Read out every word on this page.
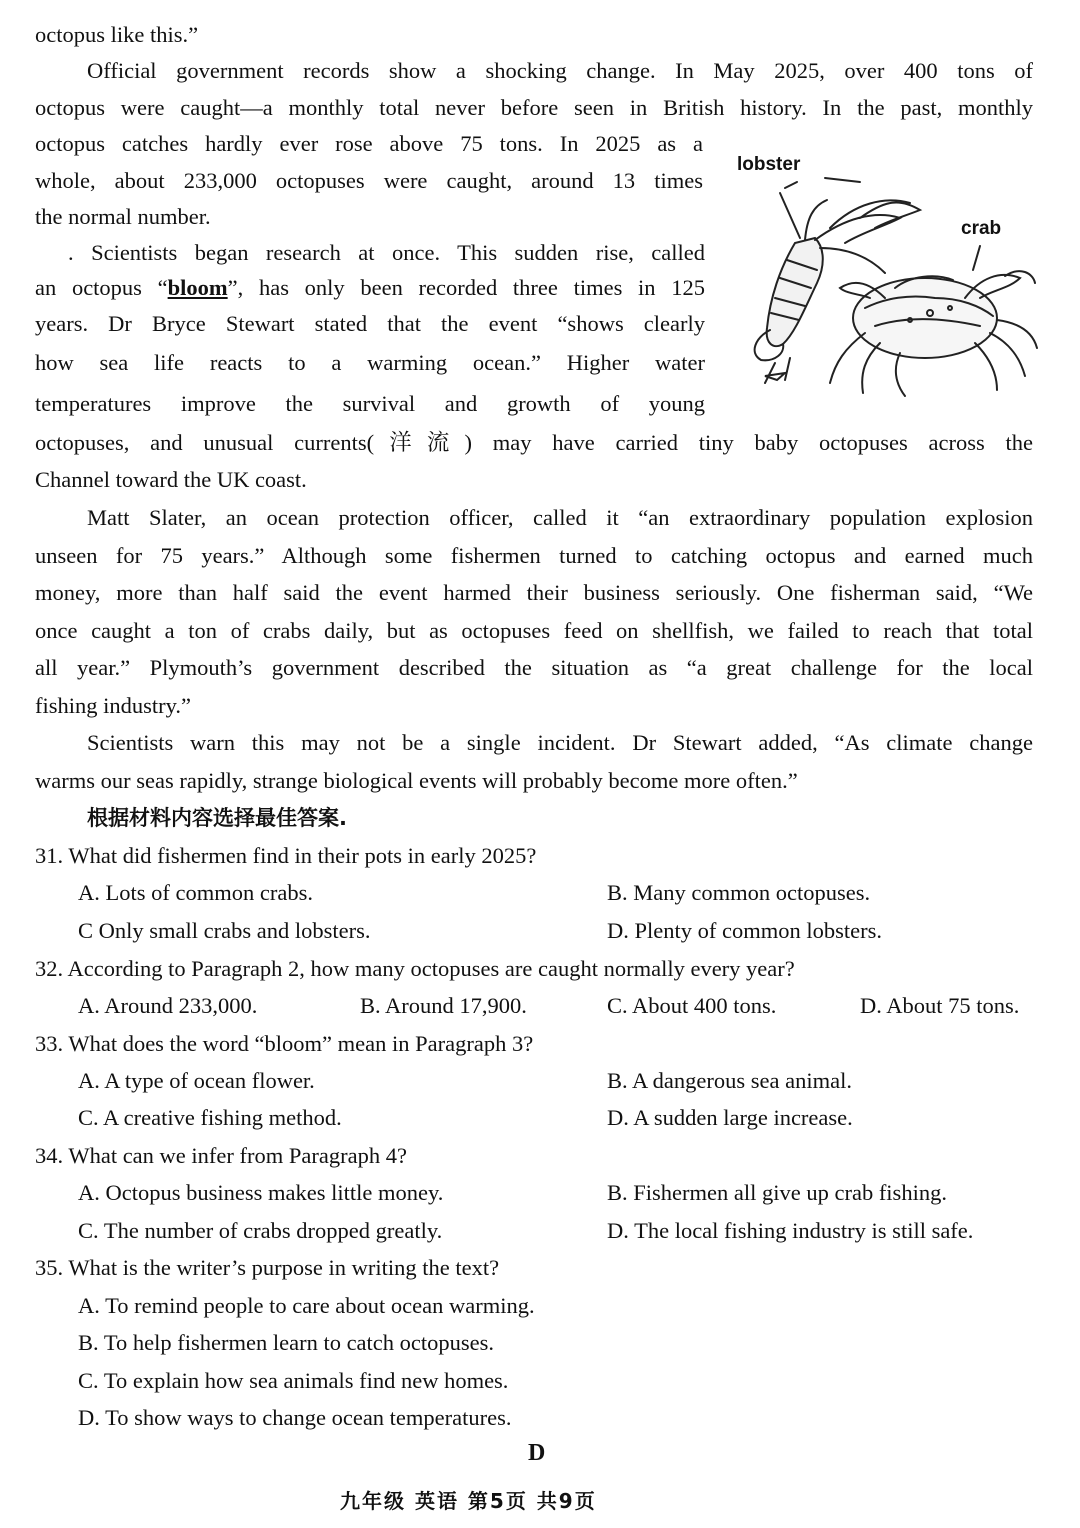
octopus like this.”
Official government records show a shocking change. In May 2025, over 400 tons of
octopus were caught—a monthly total never before seen in British history. In the past, monthly
octopus catches hardly ever rose above 75 tons. In 2025 as a
whole, about 233,000 octopuses were caught, around 13 times
the normal number.
. Scientists began research at once. This sudden rise, called
an octopus “bloom”, has only been recorded three times in 125
years. Dr Bryce Stewart stated that the event “shows clearly
how sea life reacts to a warming ocean.” Higher water
temperatures improve the survival and growth of young
octopuses, and unusual currents(洋流) may have carried tiny baby octopuses across the
Channel toward the UK coast.
lobster
crab
Matt Slater, an ocean protection officer, called it “an extraordinary population explosion
unseen for 75 years.” Although some fishermen turned to catching octopus and earned much
money, more than half said the event harmed their business seriously. One fisherman said, “We
once caught a ton of crabs daily, but as octopuses feed on shellfish, we failed to reach that total
all year.” Plymouth’s government described the situation as “a great challenge for the local
fishing industry.”
Scientists warn this may not be a single incident. Dr Stewart added, “As climate change
warms our seas rapidly, strange biological events will probably become more often.”
根据材料内容选择最佳答案.
31. What did fishermen find in their pots in early 2025?
A. Lots of common crabs.	B. Many common octopuses.
C Only small crabs and lobsters.	D. Plenty of common lobsters.
32. According to Paragraph 2, how many octopuses are caught normally every year?
A. Around 233,000.	B. Around 17,900.	C. About 400 tons.	D. About 75 tons.
33. What does the word “bloom” mean in Paragraph 3?
A. A type of ocean flower.	B. A dangerous sea animal.
C. A creative fishing method.	D. A sudden large increase.
34. What can we infer from Paragraph 4?
A. Octopus business makes little money.	B. Fishermen all give up crab fishing.
C. The number of crabs dropped greatly.	D. The local fishing industry is still safe.
35. What is the writer’s purpose in writing the text?
A. To remind people to care about ocean warming.
B. To help fishermen learn to catch octopuses.
C. To explain how sea animals find new homes.
D. To show ways to change ocean temperatures.
D
九年级 英语 第5页 共9页
